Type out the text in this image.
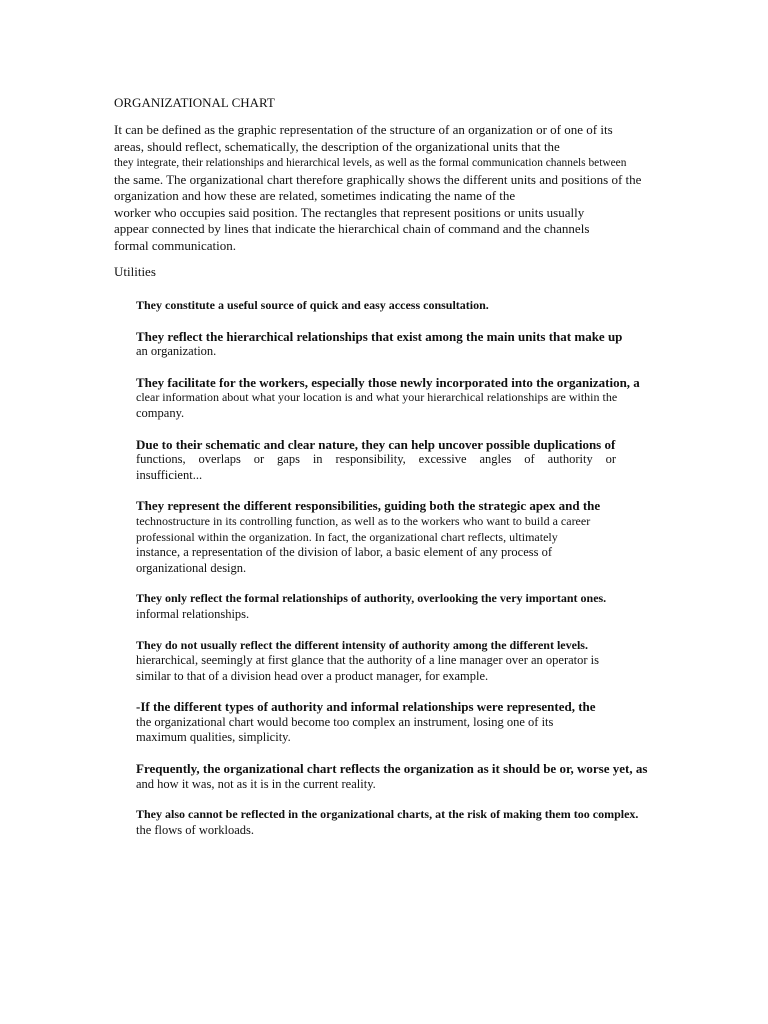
ORGANIZATIONAL CHART
It can be defined as the graphic representation of the structure of an organization or of one of its
areas, should reflect, schematically, the description of the organizational units that the
they integrate, their relationships and hierarchical levels, as well as the formal communication channels between
the same. The organizational chart therefore graphically shows the different units and positions of the
organization and how these are related, sometimes indicating the name of the
worker who occupies said position. The rectangles that represent positions or units usually
appear connected by lines that indicate the hierarchical chain of command and the channels
formal communication.
Utilities
They constitute a useful source of quick and easy access consultation.
They reflect the hierarchical relationships that exist among the main units that make up
an organization.
They facilitate for the workers, especially those newly incorporated into the organization, a
clear information about what your location is and what your hierarchical relationships are within the
company.
Due to their schematic and clear nature, they can help uncover possible duplications of
functions, overlaps or gaps in responsibility, excessive angles of authority or
insufficient...
They represent the different responsibilities, guiding both the strategic apex and the
technostructure in its controlling function, as well as to the workers who want to build a career
professional within the organization. In fact, the organizational chart reflects, ultimately
instance, a representation of the division of labor, a basic element of any process of
organizational design.
They only reflect the formal relationships of authority, overlooking the very important ones.
informal relationships.
They do not usually reflect the different intensity of authority among the different levels.
hierarchical, seemingly at first glance that the authority of a line manager over an operator is
similar to that of a division head over a product manager, for example.
-If the different types of authority and informal relationships were represented, the
the organizational chart would become too complex an instrument, losing one of its
maximum qualities, simplicity.
Frequently, the organizational chart reflects the organization as it should be or, worse yet, as
and how it was, not as it is in the current reality.
They also cannot be reflected in the organizational charts, at the risk of making them too complex.
the flows of workloads.
